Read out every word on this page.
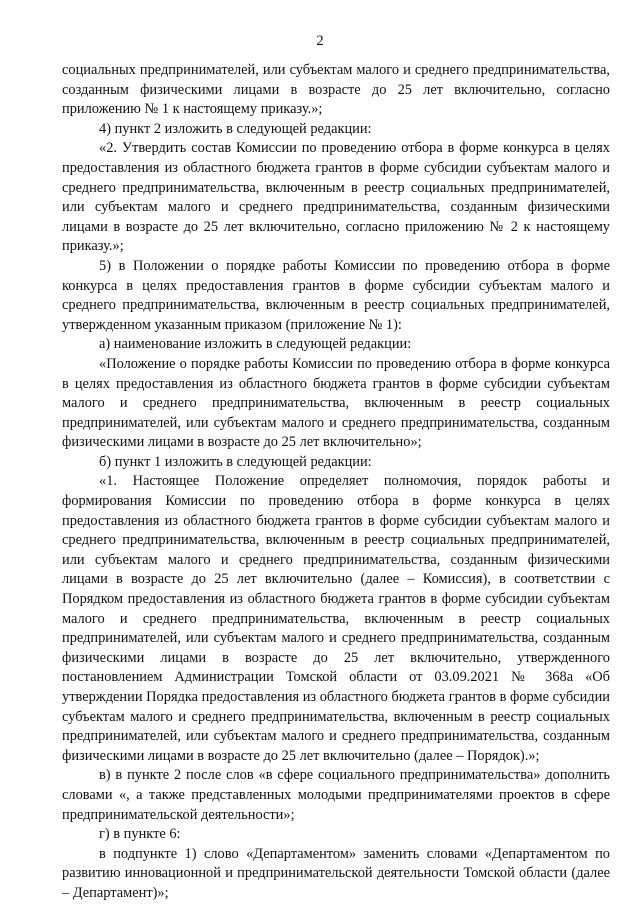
2

социальных предпринимателей, или субъектам малого и среднего предпринимательства, созданным физическими лицами в возрасте до 25 лет включительно, согласно приложению № 1 к настоящему приказу.»;

4) пункт 2 изложить в следующей редакции:

«2. Утвердить состав Комиссии по проведению отбора в форме конкурса в целях предоставления из областного бюджета грантов в форме субсидии субъектам малого и среднего предпринимательства, включенным в реестр социальных предпринимателей, или субъектам малого и среднего предпринимательства, созданным физическими лицами в возрасте до 25 лет включительно, согласно приложению № 2 к настоящему приказу.»;

5) в Положении о порядке работы Комиссии по проведению отбора в форме конкурса в целях предоставления грантов в форме субсидии субъектам малого и среднего предпринимательства, включенным в реестр социальных предпринимателей, утвержденном указанным приказом (приложение № 1):

а) наименование изложить в следующей редакции:

«Положение о порядке работы Комиссии по проведению отбора в форме конкурса в целях предоставления из областного бюджета грантов в форме субсидии субъектам малого и среднего предпринимательства, включенным в реестр социальных предпринимателей, или субъектам малого и среднего предпринимательства, созданным физическими лицами в возрасте до 25 лет включительно»;

б) пункт 1 изложить в следующей редакции:

«1. Настоящее Положение определяет полномочия, порядок работы и формирования Комиссии по проведению отбора в форме конкурса в целях предоставления из областного бюджета грантов в форме субсидии субъектам малого и среднего предпринимательства, включенным в реестр социальных предпринимателей, или субъектам малого и среднего предпринимательства, созданным физическими лицами в возрасте до 25 лет включительно (далее – Комиссия), в соответствии с Порядком предоставления из областного бюджета грантов в форме субсидии субъектам малого и среднего предпринимательства, включенным в реестр социальных предпринимателей, или субъектам малого и среднего предпринимательства, созданным физическими лицами в возрасте до 25 лет включительно, утвержденного постановлением Администрации Томской области от 03.09.2021 № 368а «Об утверждении Порядка предоставления из областного бюджета грантов в форме субсидии субъектам малого и среднего предпринимательства, включенным в реестр социальных предпринимателей, или субъектам малого и среднего предпринимательства, созданным физическими лицами в возрасте до 25 лет включительно (далее – Порядок).»;

в) в пункте 2 после слов «в сфере социального предпринимательства» дополнить словами «, а также представленных молодыми предпринимателями проектов в сфере предпринимательской деятельности»;

г) в пункте 6:

в подпункте 1) слово «Департаментом» заменить словами «Департаментом по развитию инновационной и предпринимательской деятельности Томской области (далее – Департамент)»;
